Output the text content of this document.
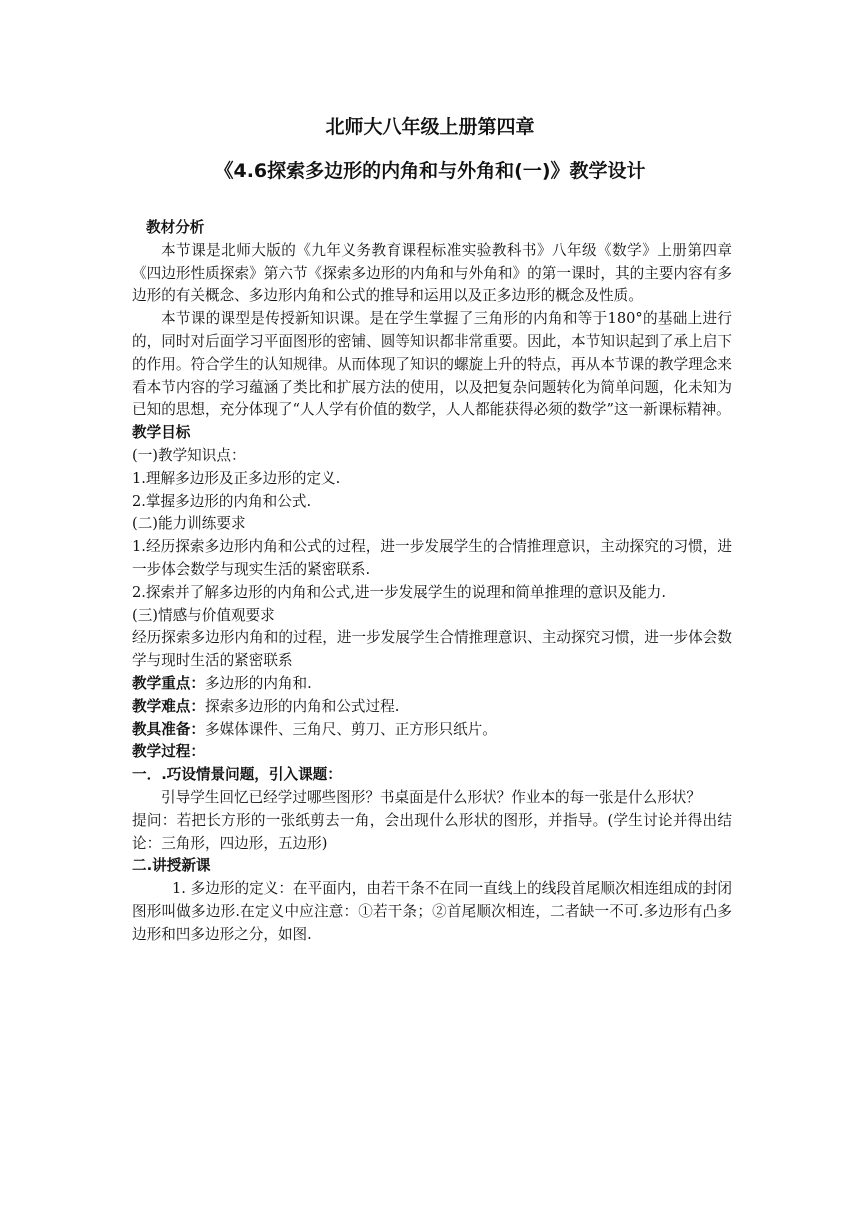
北师大八年级上册第四章
《4.6探索多边形的内角和与外角和(一)》教学设计

教材分析

本节课是北师大版的《九年义务教育课程标准实验教科书》八年级《数学》上册第四章《四边形性质探索》第六节《探索多边形的内角和与外角和》的第一课时，其的主要内容有多边形的有关概念、多边形内角和公式的推导和运用以及正多边形的概念及性质。

本节课的课型是传授新知识课。是在学生掌握了三角形的内角和等于180°的基础上进行的，同时对后面学习平面图形的密铺、圆等知识都非常重要。因此，本节知识起到了承上启下的作用。符合学生的认知规律。从而体现了知识的螺旋上升的特点，再从本节课的教学理念来看本节内容的学习蕴涵了类比和扩展方法的使用，以及把复杂问题转化为简单问题，化未知为已知的思想，充分体现了“人人学有价值的数学，人人都能获得必须的数学”这一新课标精神。

教学目标

(一)教学知识点：

1.理解多边形及正多边形的定义.

2.掌握多边形的内角和公式.

(二)能力训练要求

1.经历探索多边形内角和公式的过程，进一步发展学生的合情推理意识，主动探究的习惯，进一步体会数学与现实生活的紧密联系.

2.探索并了解多边形的内角和公式,进一步发展学生的说理和简单推理的意识及能力.

(三)情感与价值观要求

经历探索多边形内角和的过程，进一步发展学生合情推理意识、主动探究习惯，进一步体会数学与现时生活的紧密联系

教学重点：多边形的内角和.

教学难点：探索多边形的内角和公式过程.

教具准备：多媒体课件、三角尺、剪刀、正方形只纸片。

教学过程：

一．.巧设情景问题，引入课题：

引导学生回忆已经学过哪些图形？书桌面是什么形状？作业本的每一张是什么形状？

提问：若把长方形的一张纸剪去一角，会出现什么形状的图形，并指导。(学生讨论并得出结论：三角形，四边形，五边形)

二.讲授新课

1. 多边形的定义：在平面内，由若干条不在同一直线上的线段首尾顺次相连组成的封闭图形叫做多边形.在定义中应注意：①若干条；②首尾顺次相连，二者缺一不可.多边形有凸多边形和凹多边形之分，如图.
